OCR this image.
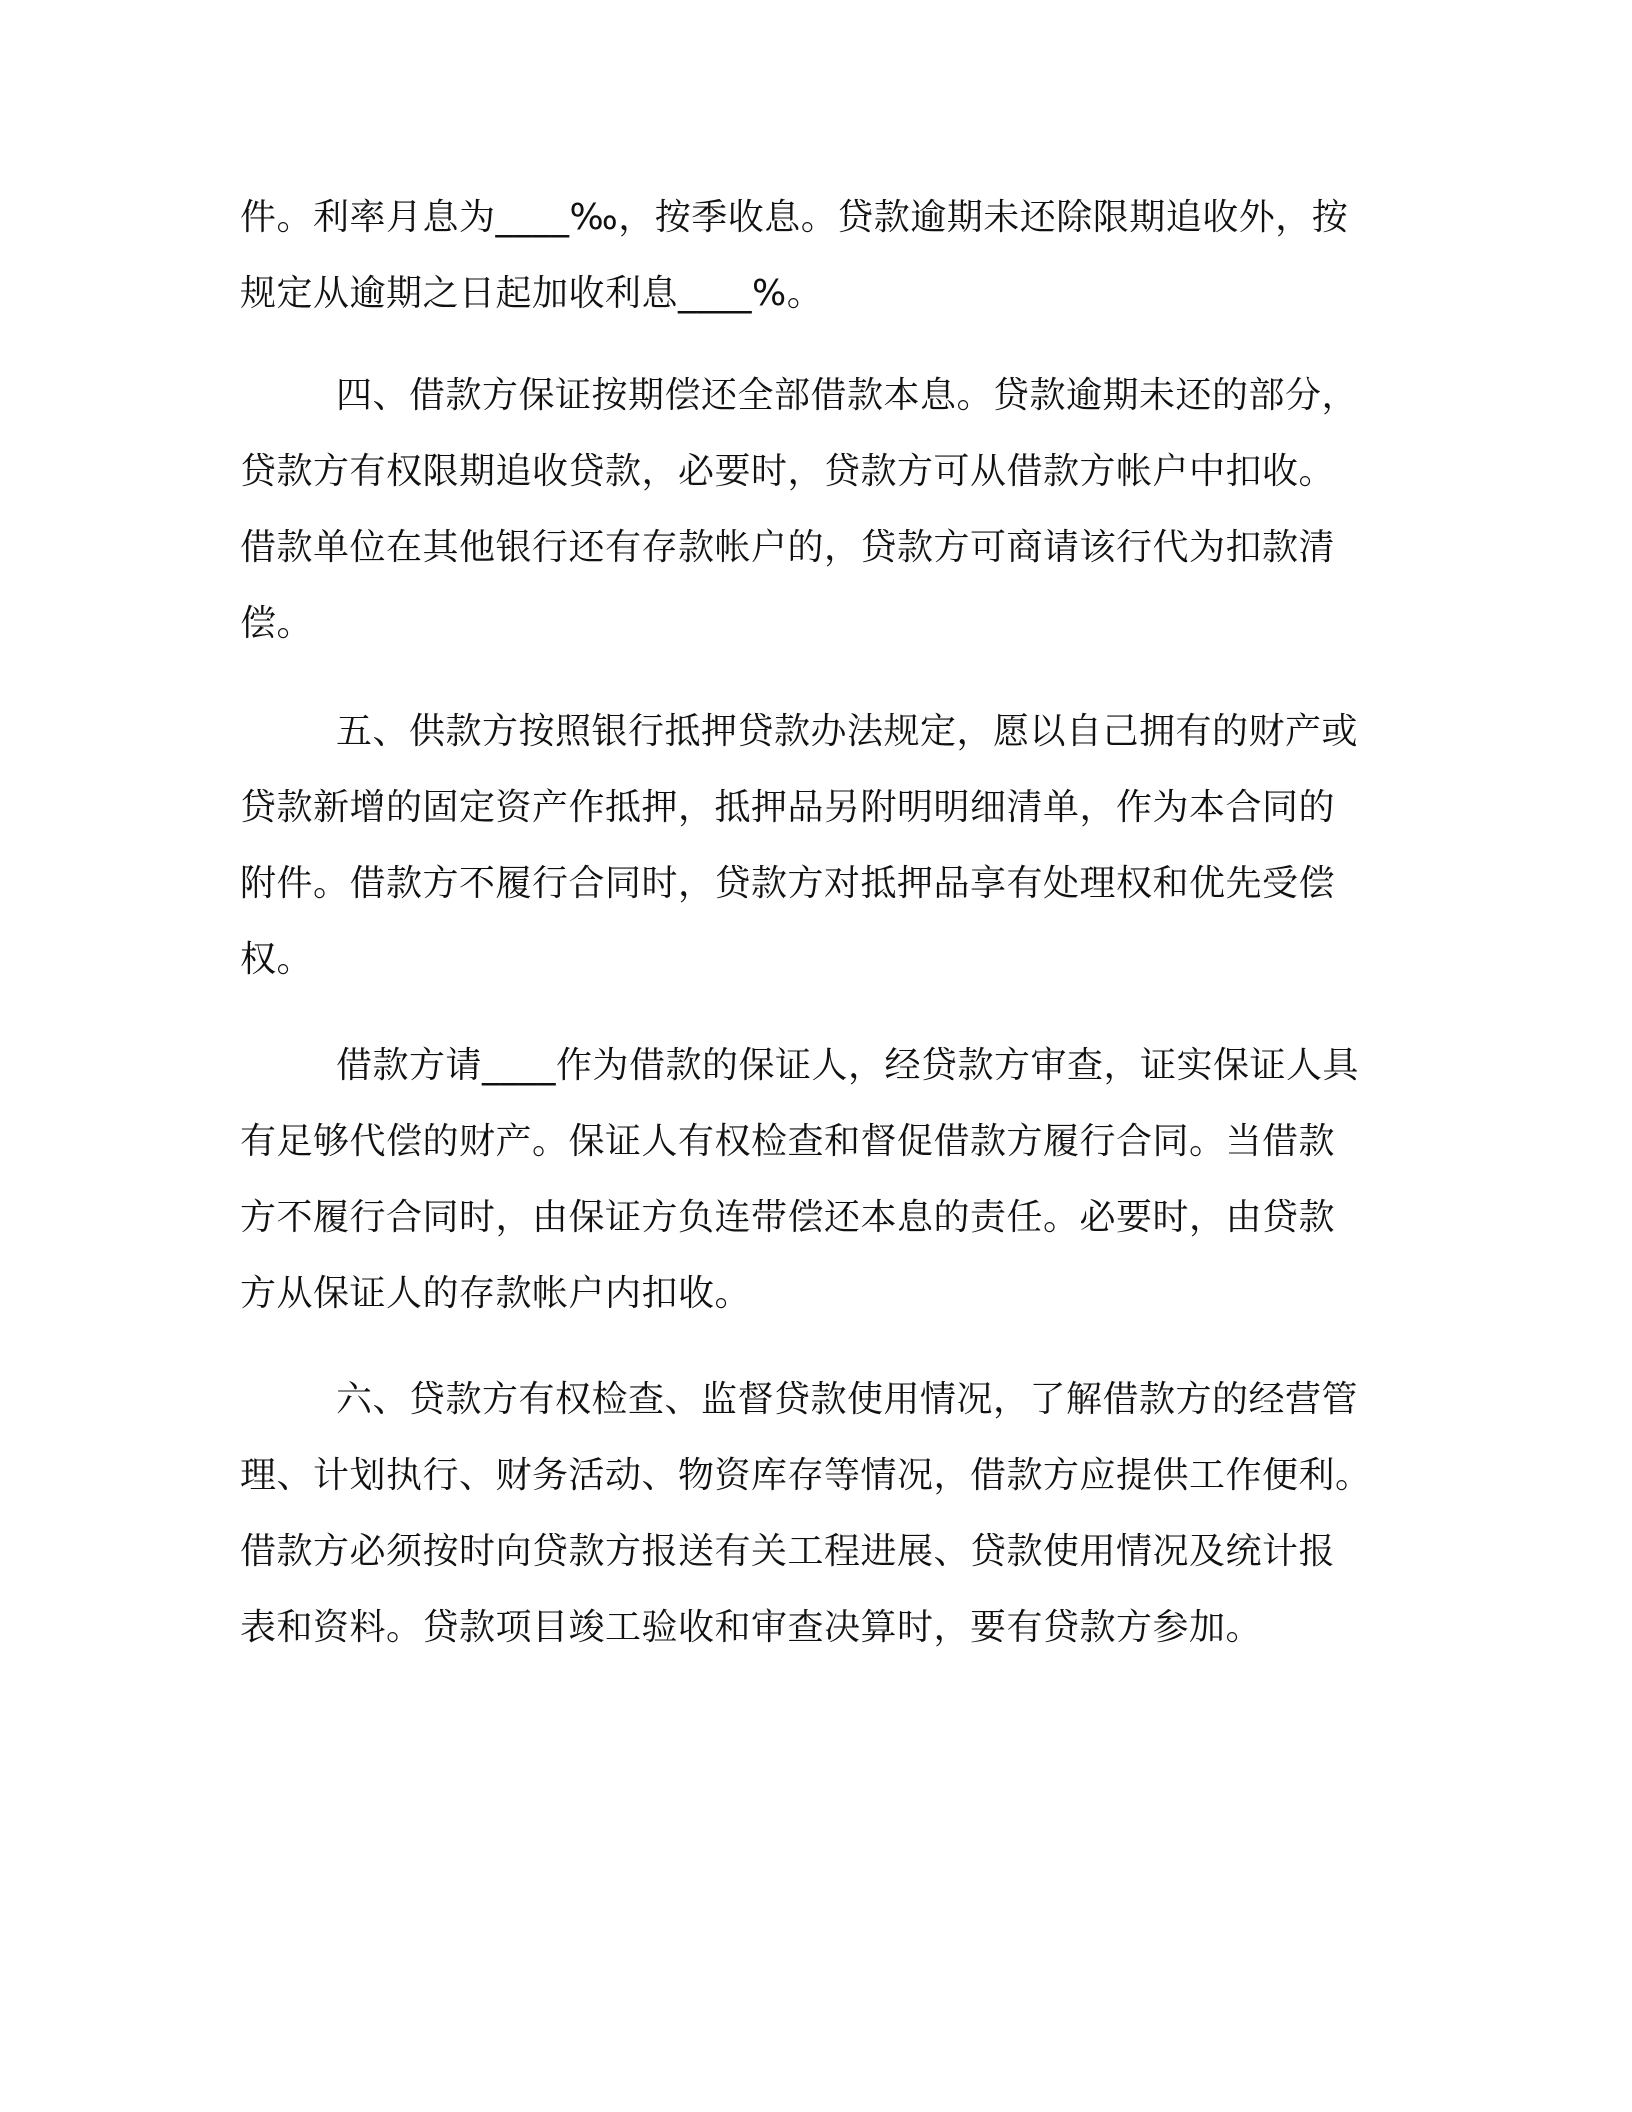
件。利率月息为____‰，按季收息。贷款逾期未还除限期追收外，按

规定从逾期之日起加收利息____%。

四、借款方保证按期偿还全部借款本息。贷款逾期未还的部分，

贷款方有权限期追收贷款，必要时，贷款方可从借款方帐户中扣收。

借款单位在其他银行还有存款帐户的，贷款方可商请该行代为扣款清

偿。

五、供款方按照银行抵押贷款办法规定，愿以自己拥有的财产或

贷款新增的固定资产作抵押，抵押品另附明明细清单，作为本合同的

附件。借款方不履行合同时，贷款方对抵押品享有处理权和优先受偿

权。

借款方请____作为借款的保证人，经贷款方审查，证实保证人具

有足够代偿的财产。保证人有权检查和督促借款方履行合同。当借款

方不履行合同时，由保证方负连带偿还本息的责任。必要时，由贷款

方从保证人的存款帐户内扣收。

六、贷款方有权检查、监督贷款使用情况，了解借款方的经营管

理、计划执行、财务活动、物资库存等情况，借款方应提供工作便利。

借款方必须按时向贷款方报送有关工程进展、贷款使用情况及统计报

表和资料。贷款项目竣工验收和审查决算时，要有贷款方参加。
